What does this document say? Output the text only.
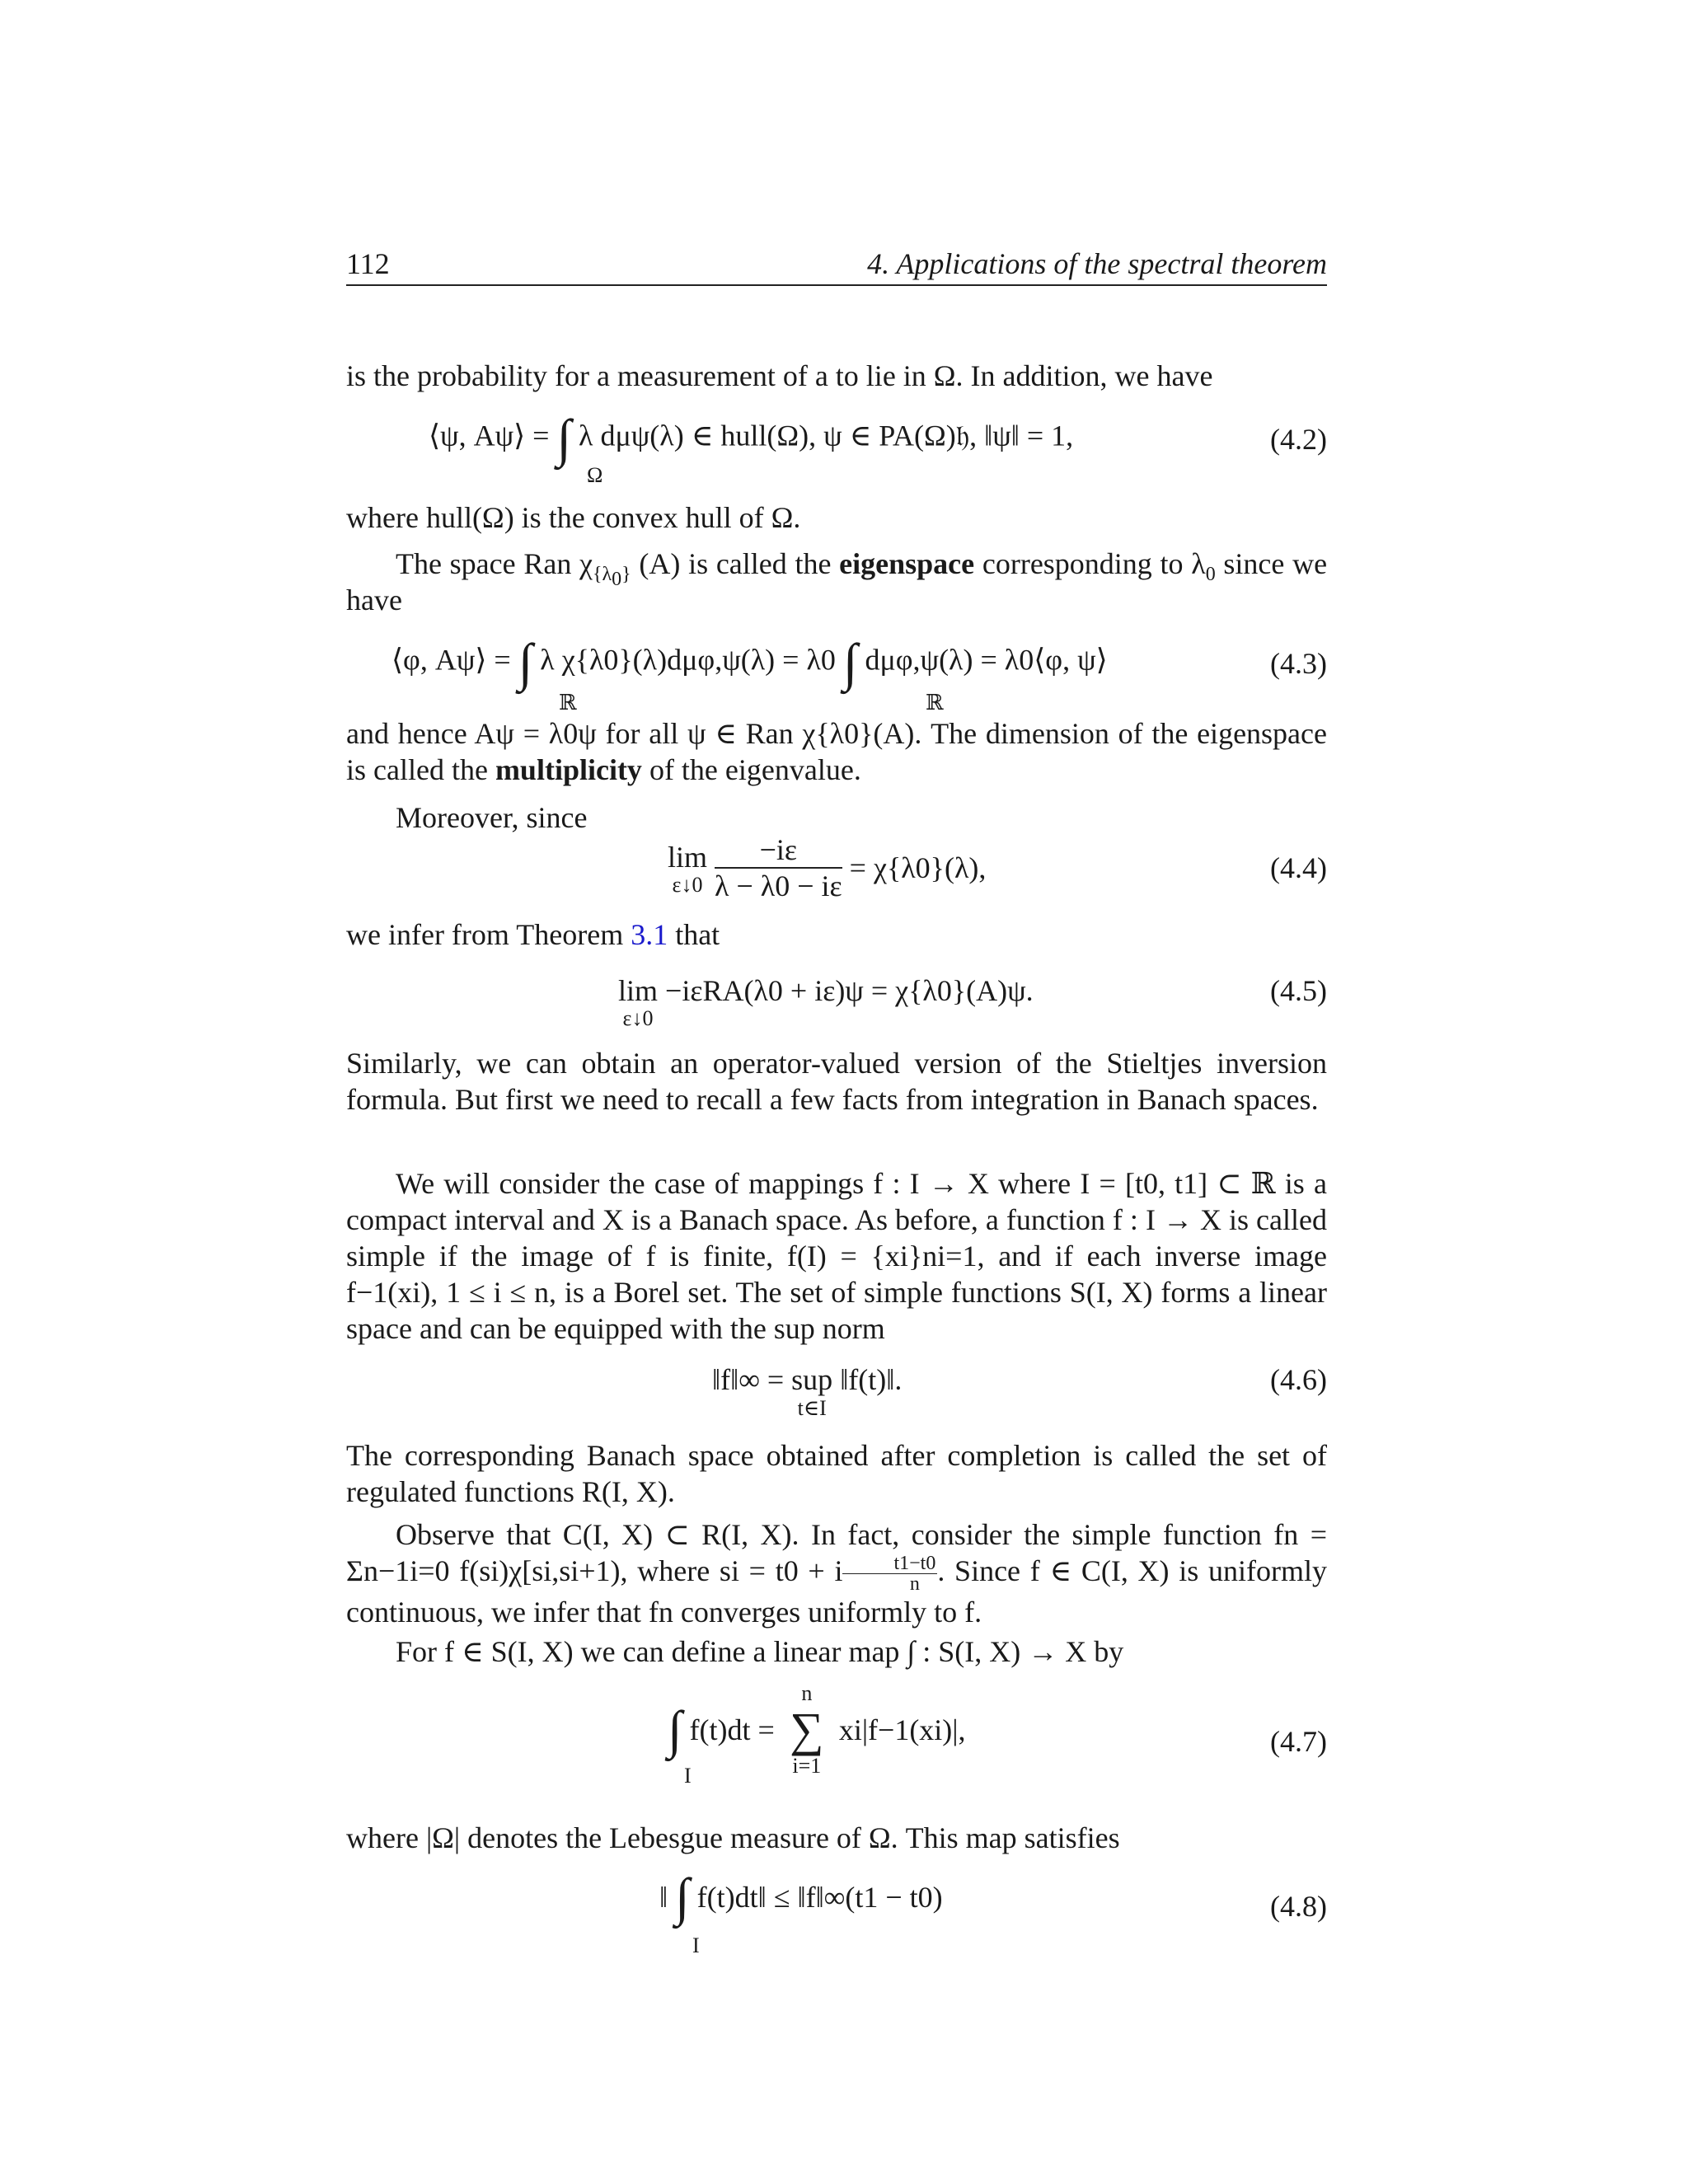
112	4. Applications of the spectral theorem

is the probability for a measurement of a to lie in Ω. In addition, we have

⟨ψ, Aψ⟩ = ∫ λ dμψ(λ) ∈ hull(Ω), ψ ∈ PA(Ω)𝔥, ‖ψ‖ = 1,
Ω
(4.2)

where hull(Ω) is the convex hull of Ω.

The space Ran $\chi_{\{\lambda_0\}}$ (A) is called the eigenspace corresponding to $\lambda_0$ since we have

⟨φ, Aψ⟩ = ∫ λ χ{λ0}(λ)dμφ,ψ(λ) = λ0 ∫ dμφ,ψ(λ) = λ0⟨φ, ψ⟩
ℝ	ℝ
(4.3)

and hence Aψ = λ0ψ for all ψ ∈ Ran χ{λ0}(A). The dimension of the eigenspace is called the multiplicity of the eigenvalue.

Moreover, since

lim
ε↓0
$\frac{-i\varepsilon}{\lambda - \lambda 0 - i\varepsilon} = \chi\{\lambda 0\}(\lambda)$,	(4.4)

we infer from Theorem 3.1 that

lim
ε↓0
−iεRA(λ0 + iε)ψ = χ{λ0}(A)ψ.	(4.5)

Similarly, we can obtain an operator-valued version of the Stieltjes inversion formula. But first we need to recall a few facts from integration in Banach spaces.

We will consider the case of mappings f : I → X where I = [t0, t1] ⊂ ℝ is a compact interval and X is a Banach space. As before, a function f : I → X is called simple if the image of f is finite, f(I) = {xi}ni=1, and if each inverse image f−1(xi), 1 ≤ i ≤ n, is a Borel set. The set of simple functions S(I, X) forms a linear space and can be equipped with the sup norm

‖f‖∞ = sup
t∈I
‖f(t)‖.	(4.6)

The corresponding Banach space obtained after completion is called the set of regulated functions R(I, X).

Observe that C(I, X) ⊂ R(I, X). In fact, consider the simple function fn = Σn−1i=0 f(si)χ[si,si+1), where si = t0 + i $\frac{t1-t0}{n}$ . Since f ∈ C(I, X) is uniformly continuous, we infer that fn converges uniformly to f.

For f ∈ S(I, X) we can define a linear map ∫ : S(I, X) → X by

∫ f(t)dt =
n
∑
i=1
xi|f−1(xi)|,
I
(4.7)

where |Ω| denotes the Lebesgue measure of Ω. This map satisfies

‖ ∫ f(t)dt‖ ≤ ‖f‖∞(t1 − t0)
I
(4.8)
